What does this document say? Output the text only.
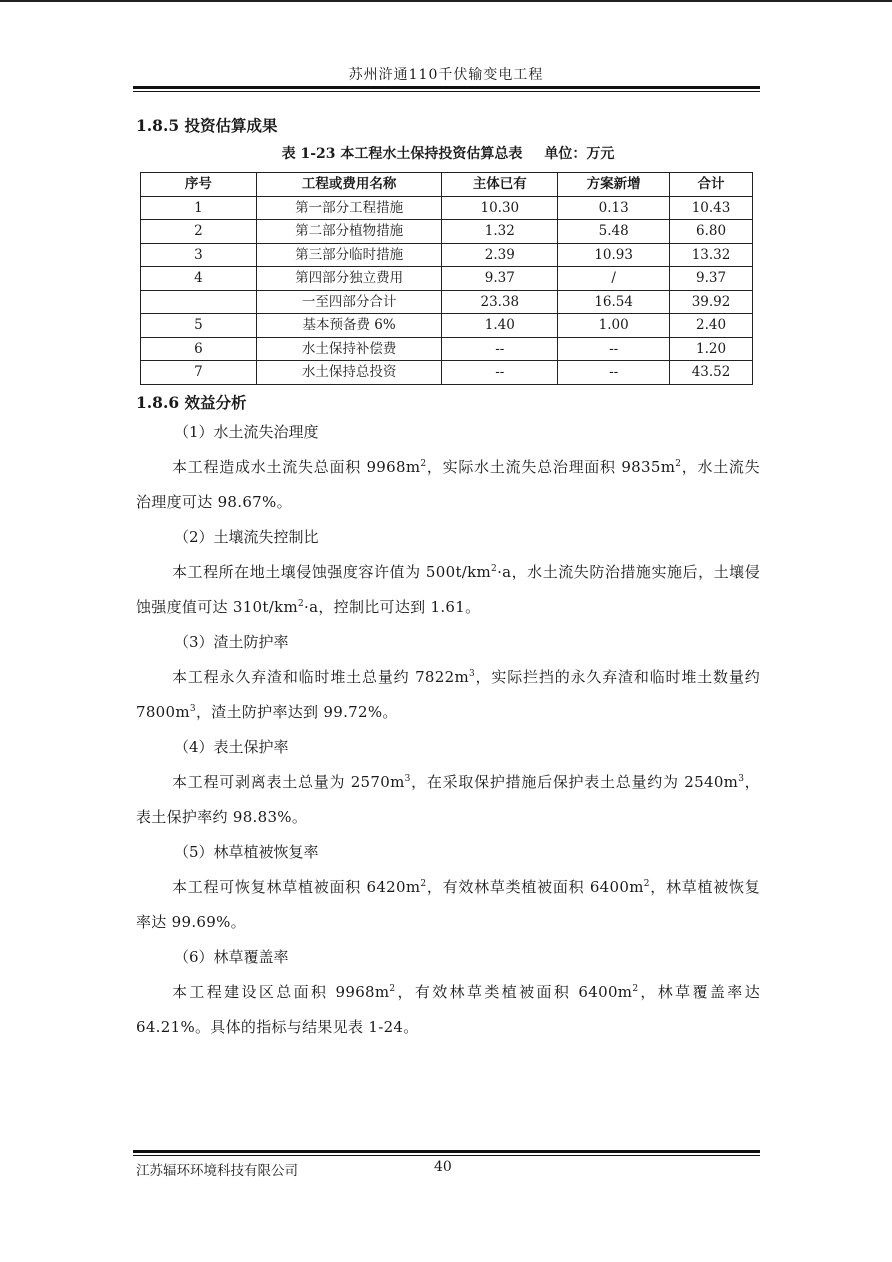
苏州浒通110千伏输变电工程

1.8.5 投资估算成果

表 1-23 本工程水土保持投资估算总表 单位：万元
序号	工程或费用名称	主体已有	方案新增	合计
1	第一部分工程措施	10.30	0.13	10.43
2	第二部分植物措施	1.32	5.48	6.80
3	第三部分临时措施	2.39	10.93	13.32
4	第四部分独立费用	9.37	/	9.37
	一至四部分合计	23.38	16.54	39.92
5	基本预备费 6%	1.40	1.00	2.40
6	水土保持补偿费	--	--	1.20
7	水土保持总投资	--	--	43.52

1.8.6 效益分析

（1）水土流失治理度

本工程造成水土流失总面积 $9968m^2$，实际水土流失总治理面积 $9835m^2$，水土流失治理度可达 98.67%。

（2）土壤流失控制比

本工程所在地土壤侵蚀强度容许值为 $500t/km^2\cdot a$，水土流失防治措施实施后，土壤侵蚀强度值可达 $310t/km^2\cdot a$，控制比可达到 1.61。

（3）渣土防护率

本工程永久弃渣和临时堆土总量约 $7822m^3$，实际拦挡的永久弃渣和临时堆土数量约 $7800m^3$，渣土防护率达到 99.72%。

（4）表土保护率

本工程可剥离表土总量为 $2570m^3$，在采取保护措施后保护表土总量约为 $2540m^3$，表土保护率约 98.83%。

（5）林草植被恢复率

本工程可恢复林草植被面积 $6420m^2$，有效林草类植被面积 $6400m^2$，林草植被恢复率达 99.69%。

（6）林草覆盖率

本工程建设区总面积 $9968m^2$，有效林草类植被面积 $6400m^2$，林草覆盖率达 64.21%。具体的指标与结果见表 1-24。

江苏辐环环境科技有限公司	40
